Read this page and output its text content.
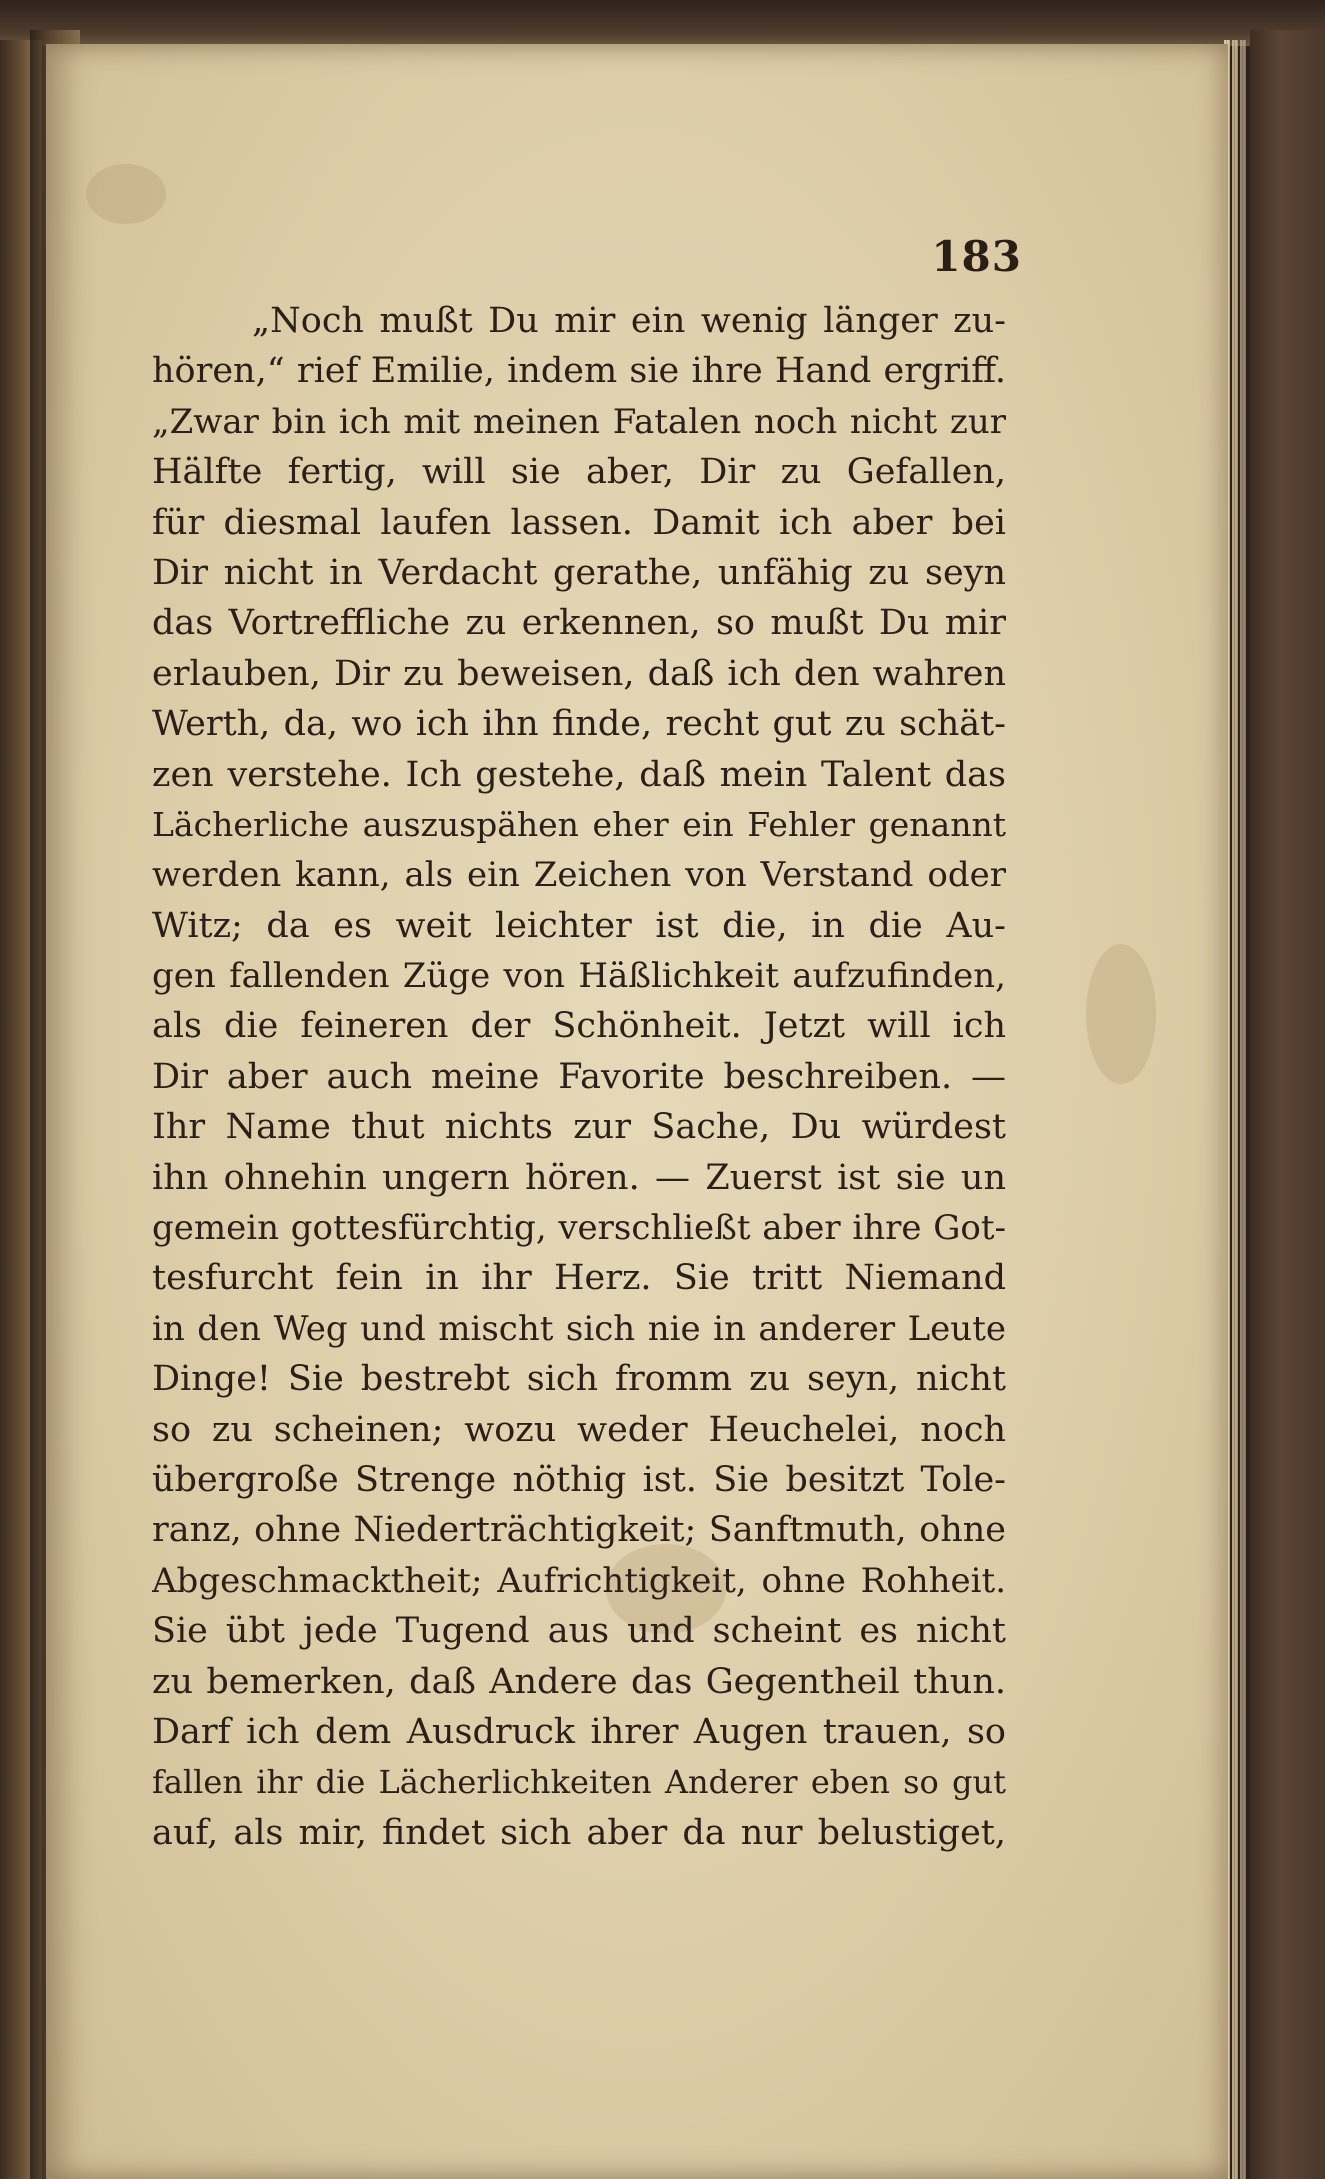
183
„Noch mußt Du mir ein wenig länger zu-
hören,“ rief Emilie, indem sie ihre Hand ergriff.
„Zwar bin ich mit meinen Fatalen noch nicht zur
Hälfte fertig, will sie aber, Dir zu Gefallen,
für diesmal laufen lassen. Damit ich aber bei
Dir nicht in Verdacht gerathe, unfähig zu seyn
das Vortreffliche zu erkennen, so mußt Du mir
erlauben, Dir zu beweisen, daß ich den wahren
Werth, da, wo ich ihn finde, recht gut zu schät-
zen verstehe. Ich gestehe, daß mein Talent das
Lächerliche auszuspähen eher ein Fehler genannt
werden kann, als ein Zeichen von Verstand oder
Witz; da es weit leichter ist die, in die Au-
gen fallenden Züge von Häßlichkeit aufzufinden,
als die feineren der Schönheit. Jetzt will ich
Dir aber auch meine Favorite beschreiben. —
Ihr Name thut nichts zur Sache, Du würdest
ihn ohnehin ungern hören. — Zuerst ist sie un
gemein gottesfürchtig, verschließt aber ihre Got-
tesfurcht fein in ihr Herz. Sie tritt Niemand
in den Weg und mischt sich nie in anderer Leute
Dinge! Sie bestrebt sich fromm zu seyn, nicht
so zu scheinen; wozu weder Heuchelei, noch
übergroße Strenge nöthig ist. Sie besitzt Tole-
ranz, ohne Niederträchtigkeit; Sanftmuth, ohne
Abgeschmacktheit; Aufrichtigkeit, ohne Rohheit.
Sie übt jede Tugend aus und scheint es nicht
zu bemerken, daß Andere das Gegentheil thun.
Darf ich dem Ausdruck ihrer Augen trauen, so
fallen ihr die Lächerlichkeiten Anderer eben so gut
auf, als mir, findet sich aber da nur belustiget,
